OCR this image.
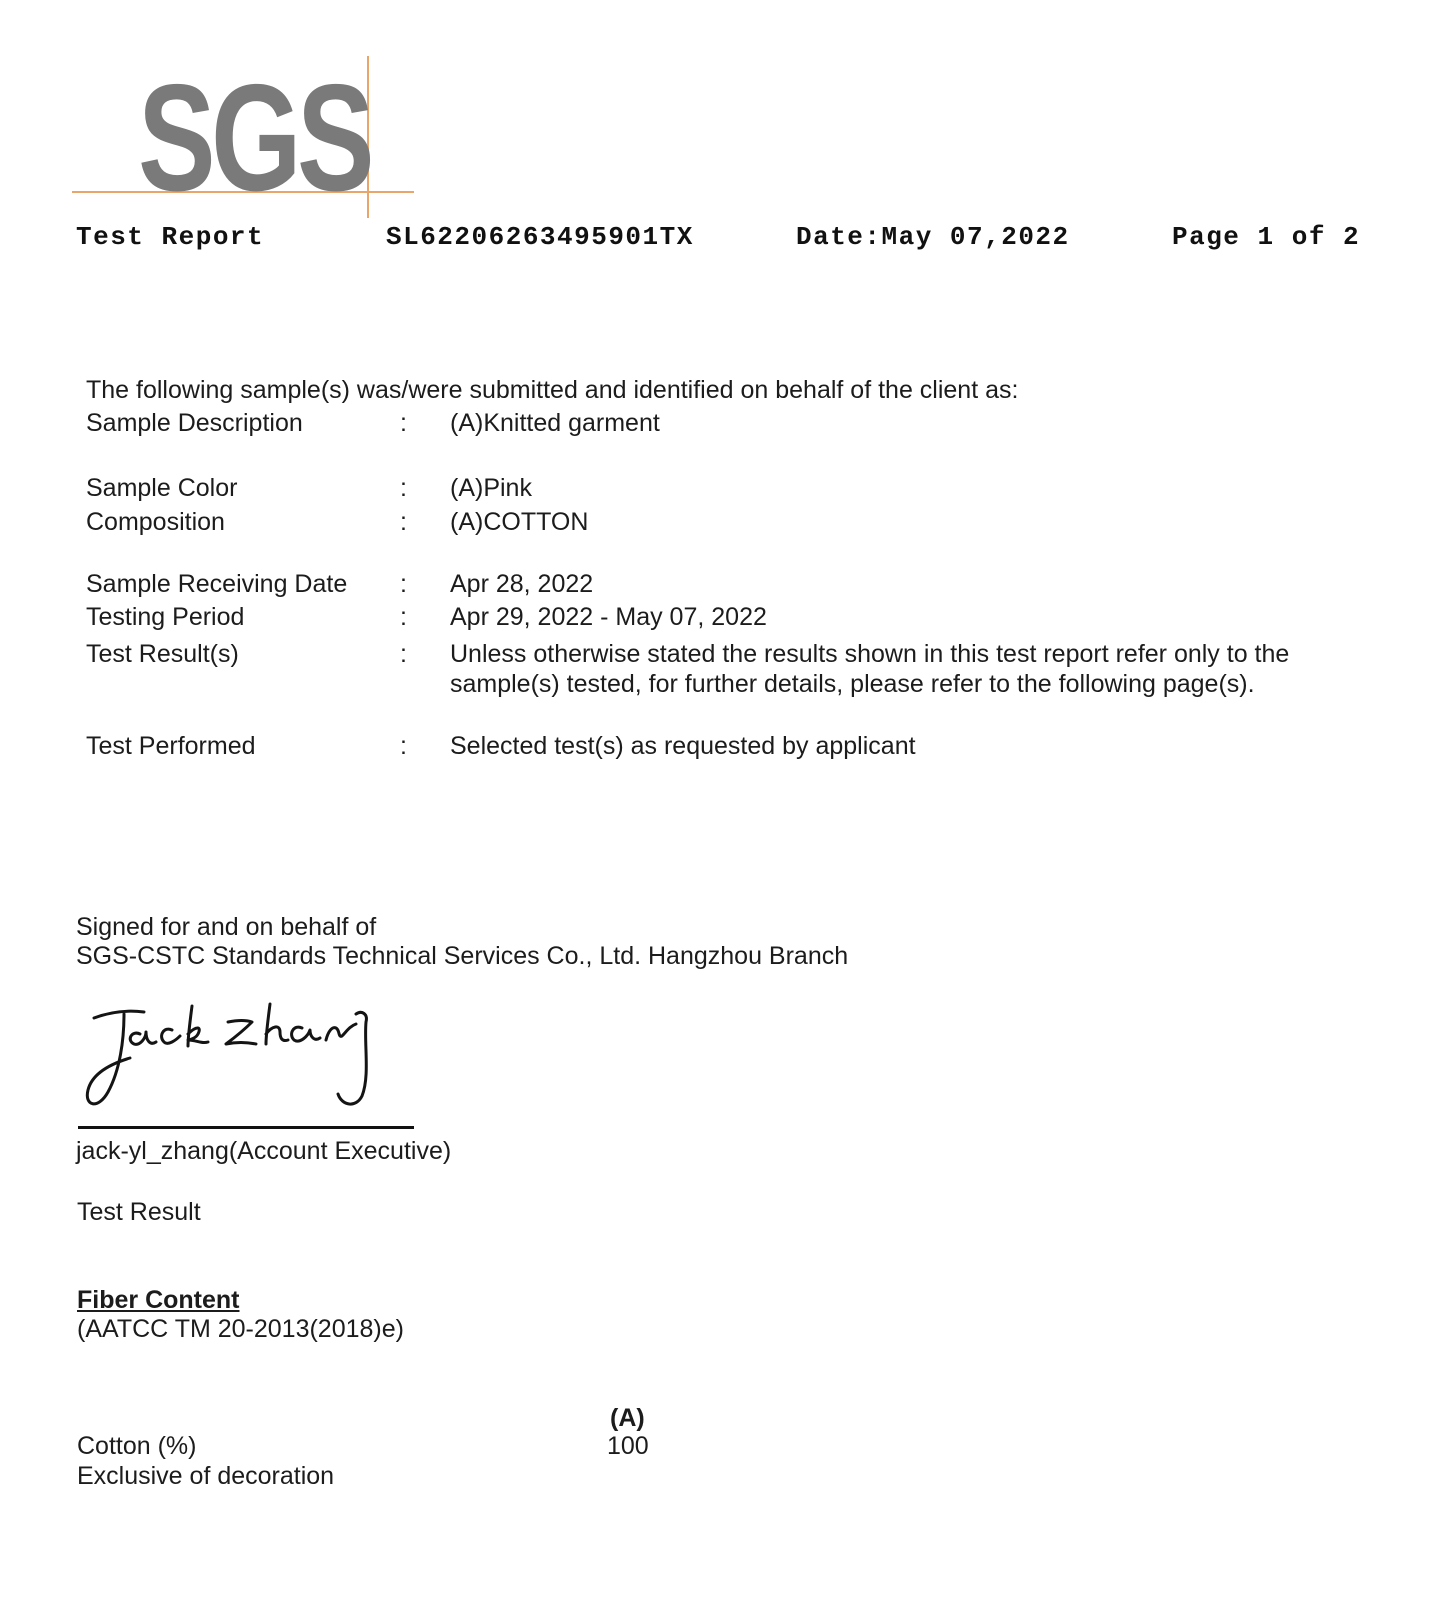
SGS
Test Report	SL62206263495901TX	Date:May 07,2022	Page 1 of 2
The following sample(s) was/were submitted and identified on behalf of the client as:
Sample Description	: (A)Knitted garment
Sample Color	: (A)Pink
Composition	: (A)COTTON
Sample Receiving Date : Apr 28, 2022
Testing Period	: Apr 29, 2022 - May 07, 2022
Test Result(s)	: Unless otherwise stated the results shown in this test report refer only to the
sample(s) tested, for further details, please refer to the following page(s).
Test Performed	: Selected test(s) as requested by applicant
Signed for and on behalf of
SGS-CSTC Standards Technical Services Co., Ltd. Hangzhou Branch
jack-yl_zhang(Account Executive)
Test Result
Fiber Content
(AATCC TM 20-2013(2018)e)
(A)
Cotton (%)	100
Exclusive of decoration
